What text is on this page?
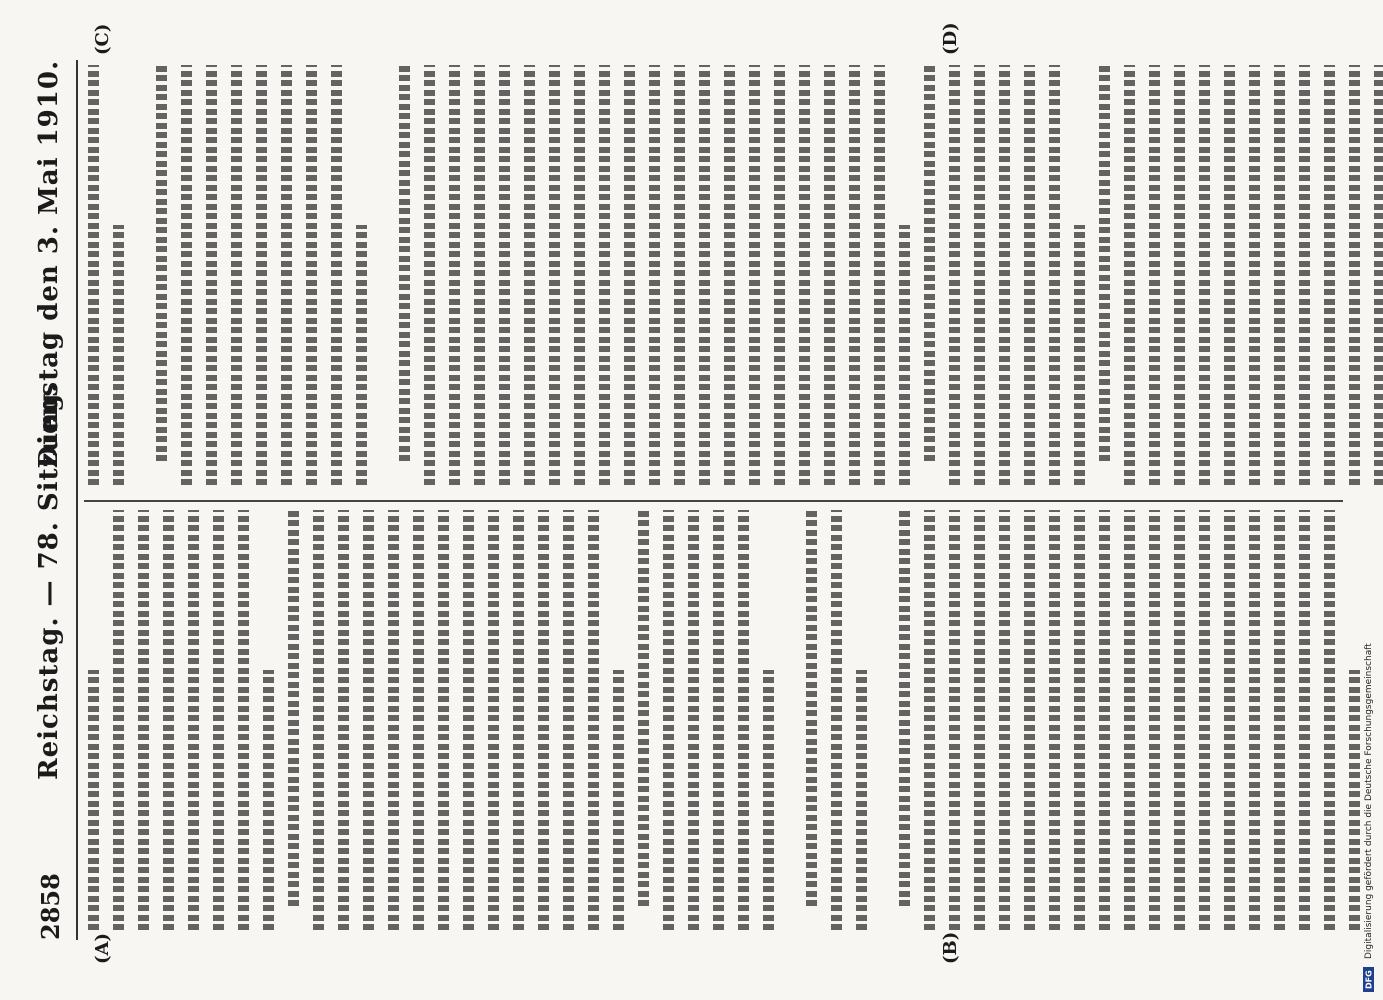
2858
Reichstag. — 78. Sitzung.
Dienstag den 3. Mai 1910.
(A)	(B)
(C)	(D)
DFG
Digitalisierung gefördert durch die Deutsche Forschungsgemeinschaft
